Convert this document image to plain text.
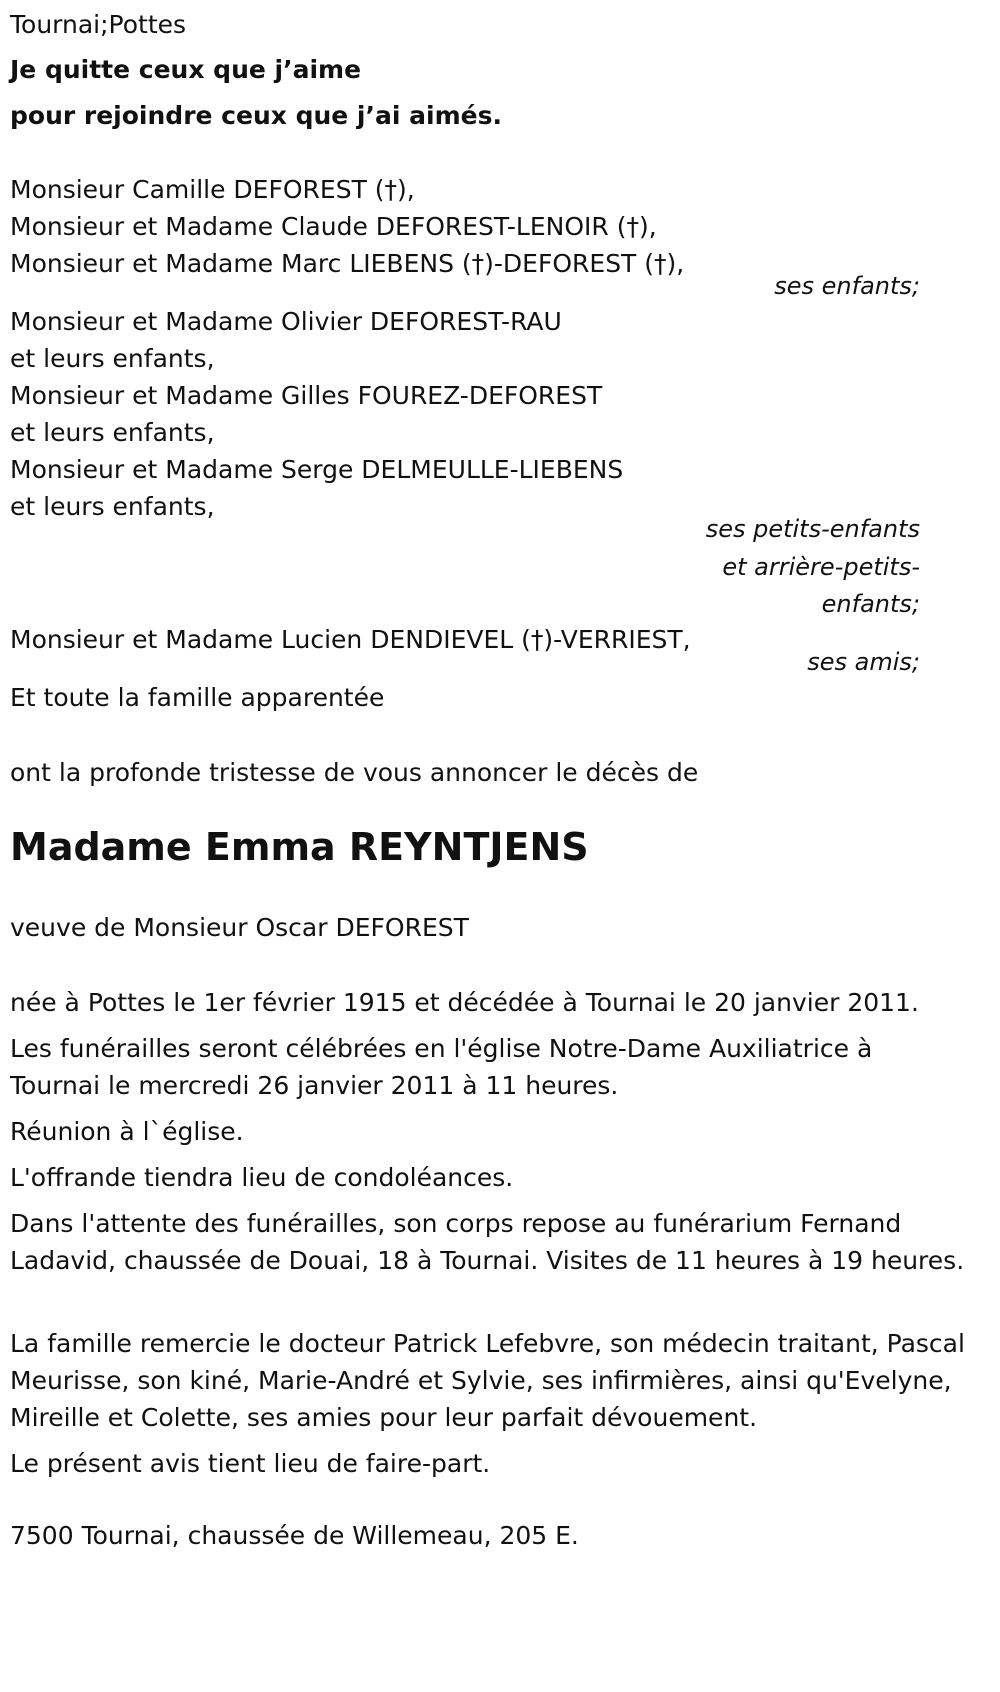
Tournai;Pottes
Je quitte ceux que j’aime
pour rejoindre ceux que j’ai aimés.
Monsieur Camille DEFOREST (†),
Monsieur et Madame Claude DEFOREST-LENOIR (†),
Monsieur et Madame Marc LIEBENS (†)-DEFOREST (†),
ses enfants;
Monsieur et Madame Olivier DEFOREST-RAU
et leurs enfants,
Monsieur et Madame Gilles FOUREZ-DEFOREST
et leurs enfants,
Monsieur et Madame Serge DELMEULLE-LIEBENS
et leurs enfants,
ses petits-enfants
et arrière-petits-
enfants;
Monsieur et Madame Lucien DENDIEVEL (†)-VERRIEST,
ses amis;
Et toute la famille apparentée
ont la profonde tristesse de vous annoncer le décès de
Madame Emma REYNTJENS
veuve de Monsieur Oscar DEFOREST
née à Pottes le 1er février 1915 et décédée à Tournai le 20 janvier 2011.
Les funérailles seront célébrées en l'église Notre-Dame Auxiliatrice à Tournai le mercredi 26 janvier 2011 à 11 heures.
Réunion à l`église.
L'offrande tiendra lieu de condoléances.
Dans l'attente des funérailles, son corps repose au funérarium Fernand Ladavid, chaussée de Douai, 18 à Tournai. Visites de 11 heures à 19 heures.
La famille remercie le docteur Patrick Lefebvre, son médecin traitant, Pascal Meurisse, son kiné, Marie-André et Sylvie, ses infirmières, ainsi qu'Evelyne, Mireille et Colette, ses amies pour leur parfait dévouement.
Le présent avis tient lieu de faire-part.
7500 Tournai, chaussée de Willemeau, 205 E.
